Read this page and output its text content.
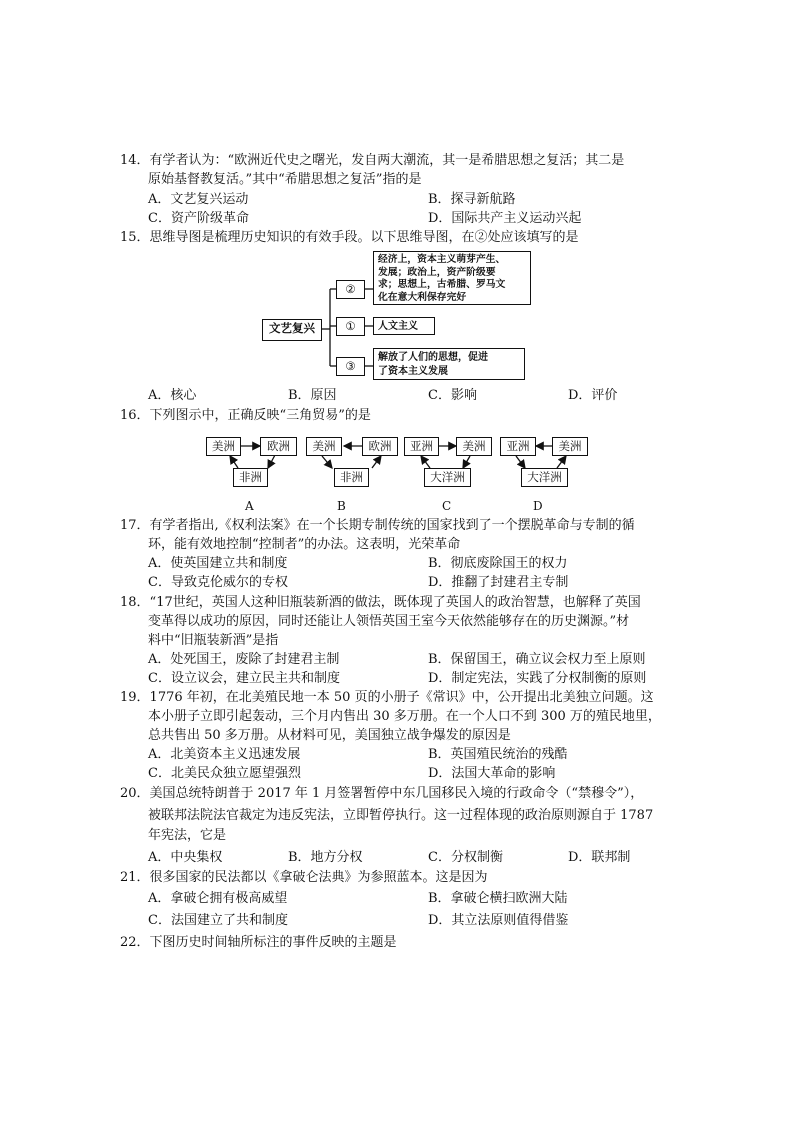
14．有学者认为：“欧洲近代史之曙光，发自两大潮流，其一是希腊思想之复活；其二是
原始基督教复活。”其中“希腊思想之复活”指的是
A．文艺复兴运动	B．探寻新航路
C．资产阶级革命	D．国际共产主义运动兴起
15．思维导图是梳理历史知识的有效手段。以下思维导图，在②处应该填写的是
文艺复兴
②
①
③
经济上，资本主义萌芽产生、
发展；政治上，资产阶级要
求；思想上，古希腊、罗马文
化在意大利保存完好
人文主义
解放了人们的思想，促进
了资本主义发展
A．核心	B．原因	C．影响	D．评价
16．下列图示中，正确反映“三角贸易”的是
美洲	欧洲
非洲
A
美洲	欧洲
非洲
B
亚洲	美洲
大洋洲
C
亚洲	美洲
大洋洲
D
17．有学者指出,《权利法案》在一个长期专制传统的国家找到了一个摆脱革命与专制的循
环，能有效地控制“控制者”的办法。这表明，光荣革命
A．使英国建立共和制度	B．彻底废除国王的权力
C．导致克伦威尔的专权	D．推翻了封建君主专制
18．“17世纪，英国人这种旧瓶装新酒的做法，既体现了英国人的政治智慧，也解释了英国
变革得以成功的原因，同时还能让人领悟英国王室今天依然能够存在的历史渊源。”材
料中“旧瓶装新酒”是指
A．处死国王，废除了封建君主制	B．保留国王，确立议会权力至上原则
C．设立议会，建立民主共和制度	D．制定宪法，实践了分权制衡的原则
19．1776 年初，在北美殖民地一本 50 页的小册子《常识》中，公开提出北美独立问题。这
本小册子立即引起轰动，三个月内售出 30 多万册。在一个人口不到 300 万的殖民地里，
总共售出 50 多万册。从材料可见，美国独立战争爆发的原因是
A．北美资本主义迅速发展	B．英国殖民统治的残酷
C．北美民众独立愿望强烈	D．法国大革命的影响
20．美国总统特朗普于 2017 年 1 月签署暂停中东几国移民入境的行政命令（“禁穆令”），
被联邦法院法官裁定为违反宪法，立即暂停执行。这一过程体现的政治原则源自于 1787
年宪法，它是
A．中央集权	B．地方分权	C．分权制衡	D．联邦制
21．很多国家的民法都以《拿破仑法典》为参照蓝本。这是因为
A．拿破仑拥有极高威望	B．拿破仑横扫欧洲大陆
C．法国建立了共和制度	D．其立法原则值得借鉴
22．下图历史时间轴所标注的事件反映的主题是
